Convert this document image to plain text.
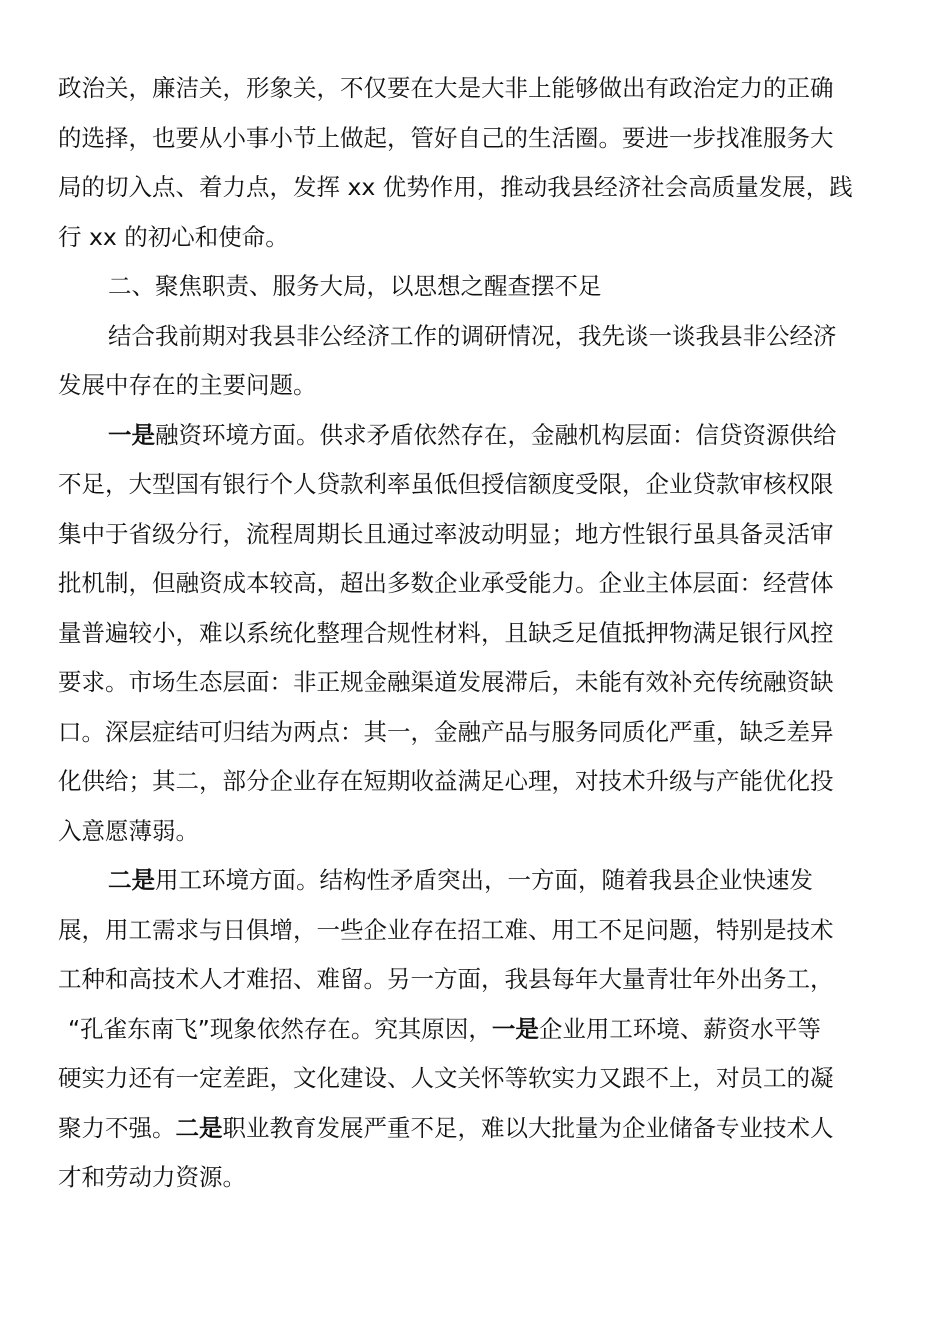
政治关，廉洁关，形象关，不仅要在大是大非上能够做出有政治定力的正确
的选择，也要从小事小节上做起，管好自己的生活圈。要进一步找准服务大
局的切入点、着力点，发挥 xx 优势作用，推动我县经济社会高质量发展，践
行 xx 的初心和使命。
二、聚焦职责、服务大局，以思想之醒查摆不足
结合我前期对我县非公经济工作的调研情况，我先谈一谈我县非公经济
发展中存在的主要问题。
一是融资环境方面。供求矛盾依然存在，金融机构层面：信贷资源供给
不足，大型国有银行个人贷款利率虽低但授信额度受限，企业贷款审核权限
集中于省级分行，流程周期长且通过率波动明显；地方性银行虽具备灵活审
批机制，但融资成本较高，超出多数企业承受能力。企业主体层面：经营体
量普遍较小，难以系统化整理合规性材料，且缺乏足值抵押物满足银行风控
要求。市场生态层面：非正规金融渠道发展滞后，未能有效补充传统融资缺
口。深层症结可归结为两点：其一，金融产品与服务同质化严重，缺乏差异
化供给；其二，部分企业存在短期收益满足心理，对技术升级与产能优化投
入意愿薄弱。
二是用工环境方面。结构性矛盾突出，一方面，随着我县企业快速发
展，用工需求与日俱增，一些企业存在招工难、用工不足问题，特别是技术
工种和高技术人才难招、难留。另一方面，我县每年大量青壮年外出务工，
“孔雀东南飞”现象依然存在。究其原因，一是企业用工环境、薪资水平等
硬实力还有一定差距，文化建设、人文关怀等软实力又跟不上，对员工的凝
聚力不强。二是职业教育发展严重不足，难以大批量为企业储备专业技术人
才和劳动力资源。
